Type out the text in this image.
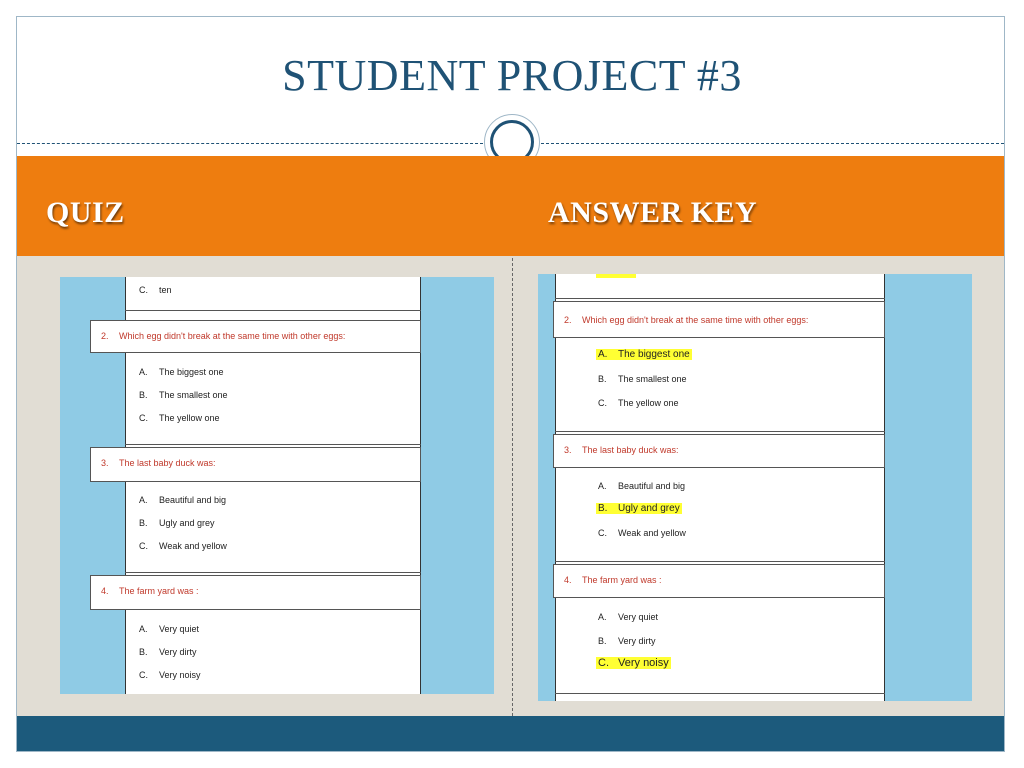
STUDENT PROJECT #3
QUIZ	ANSWER KEY
C. ten
2. Which egg didn't break at the same time with other eggs:
A. The biggest one
B. The smallest one
C. The yellow one
3. The last baby duck was:
A. Beautiful and big
B. Ugly and grey
C. Weak and yellow
4. The farm yard was :
A. Very quiet
B. Very dirty
C. Very noisy
2. Which egg didn't break at the same time with other eggs:
A. The biggest one
B. The smallest one
C. The yellow one
3. The last baby duck was:
A. Beautiful and big
B. Ugly and grey
C. Weak and yellow
4. The farm yard was :
A. Very quiet
B. Very dirty
C. Very noisy
